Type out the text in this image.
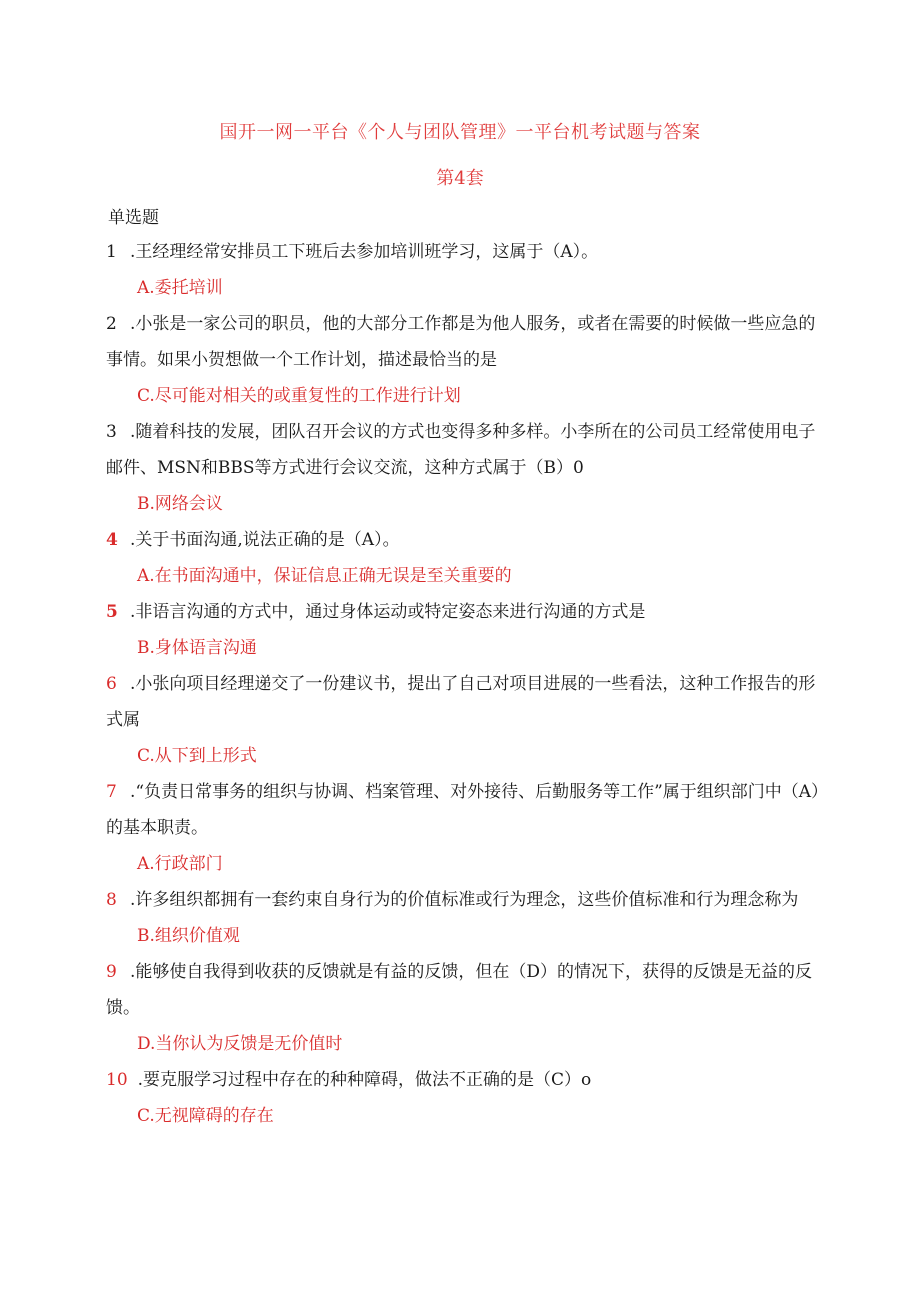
国开一网一平台《个人与团队管理》一平台机考试题与答案
第4套
单选题

1 .王经理经常安排员工下班后去参加培训班学习，这属于（A）。

A.委托培训

2 .小张是一家公司的职员，他的大部分工作都是为他人服务，或者在需要的时候做一些应急的事情。如果小贺想做一个工作计划，描述最恰当的是

C.尽可能对相关的或重复性的工作进行计划

3 .随着科技的发展，团队召开会议的方式也变得多种多样。小李所在的公司员工经常使用电子邮件、MSN和BBS等方式进行会议交流，这种方式属于（B）0

B.网络会议

4 .关于书面沟通,说法正确的是（A）。

A.在书面沟通中，保证信息正确无误是至关重要的

5 .非语言沟通的方式中，通过身体运动或特定姿态来进行沟通的方式是

B.身体语言沟通

6 .小张向项目经理递交了一份建议书，提出了自己对项目进展的一些看法，这种工作报告的形式属

C.从下到上形式

7 .“负责日常事务的组织与协调、档案管理、对外接待、后勤服务等工作”属于组织部门中（A）的基本职责。

A.行政部门

8 .许多组织都拥有一套约束自身行为的价值标准或行为理念，这些价值标准和行为理念称为

B.组织价值观

9 .能够使自我得到收获的反馈就是有益的反馈，但在（D）的情况下，获得的反馈是无益的反馈。

D.当你认为反馈是无价值时

10 .要克服学习过程中存在的种种障碍，做法不正确的是（C）o

C.无视障碍的存在
